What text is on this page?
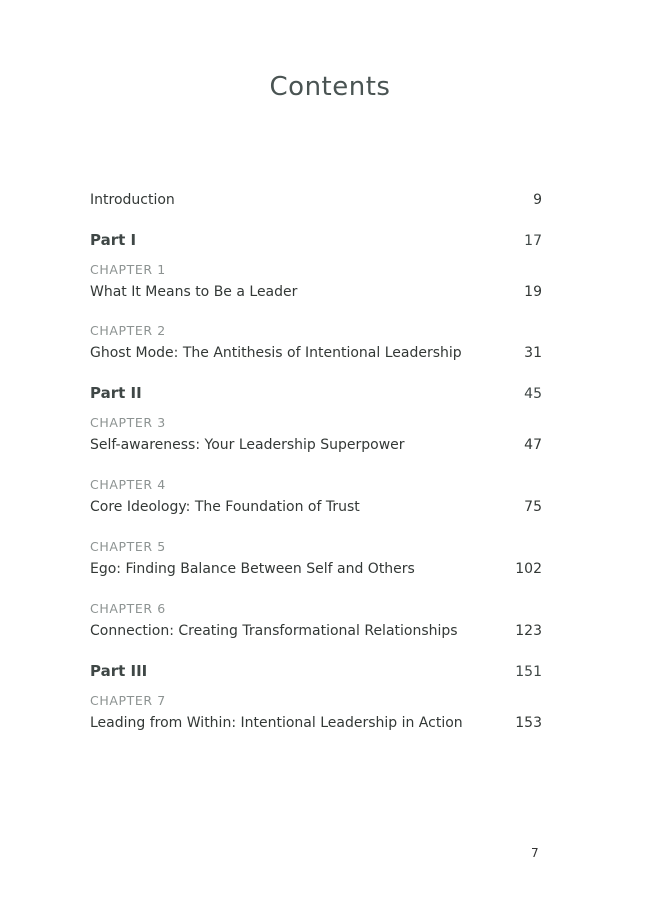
Contents
Introduction	9
Part I	17
CHAPTER 1
What It Means to Be a Leader	19
CHAPTER 2
Ghost Mode: The Antithesis of Intentional Leadership	31
Part II	45
CHAPTER 3
Self-awareness: Your Leadership Superpower	47
CHAPTER 4
Core Ideology: The Foundation of Trust	75
CHAPTER 5
Ego: Finding Balance Between Self and Others	102
CHAPTER 6
Connection: Creating Transformational Relationships	123
Part III	151
CHAPTER 7
Leading from Within: Intentional Leadership in Action	153
7
